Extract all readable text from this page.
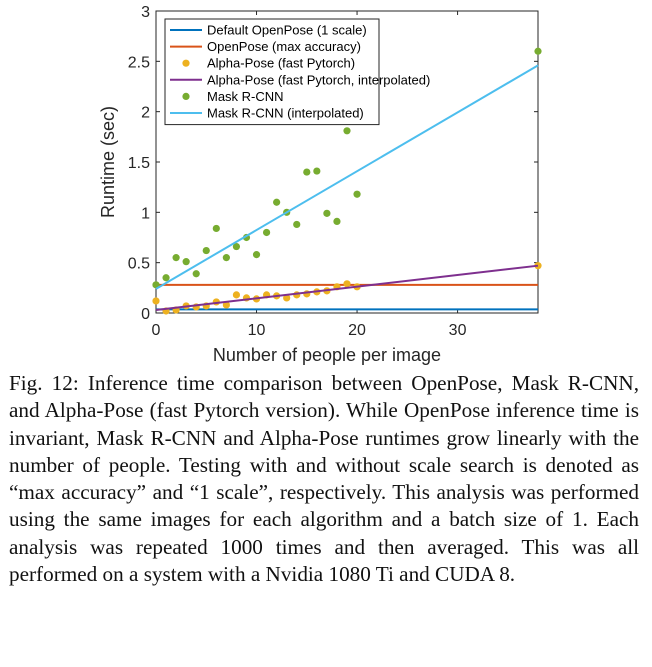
0	10	20	30
0
0.5
1
1.5
2
2.5
3
Number of people per image
Runtime (sec)
Default OpenPose (1 scale)
OpenPose (max accuracy)
Alpha-Pose (fast Pytorch)
Alpha-Pose (fast Pytorch, interpolated)
Mask R-CNN
Mask R-CNN (interpolated)

Fig. 12: Inference time comparison between OpenPose, Mask R-CNN, and Alpha-Pose (fast Pytorch version). While OpenPose inference time is invariant, Mask R-CNN and Alpha-Pose runtimes grow linearly with the number of people. Testing with and without scale search is denoted as “max accuracy” and “1 scale”, respectively. This analysis was performed using the same images for each algorithm and a batch size of 1. Each analysis was repeated 1000 times and then averaged. This was all performed on a system with a Nvidia 1080 Ti and CUDA 8.
